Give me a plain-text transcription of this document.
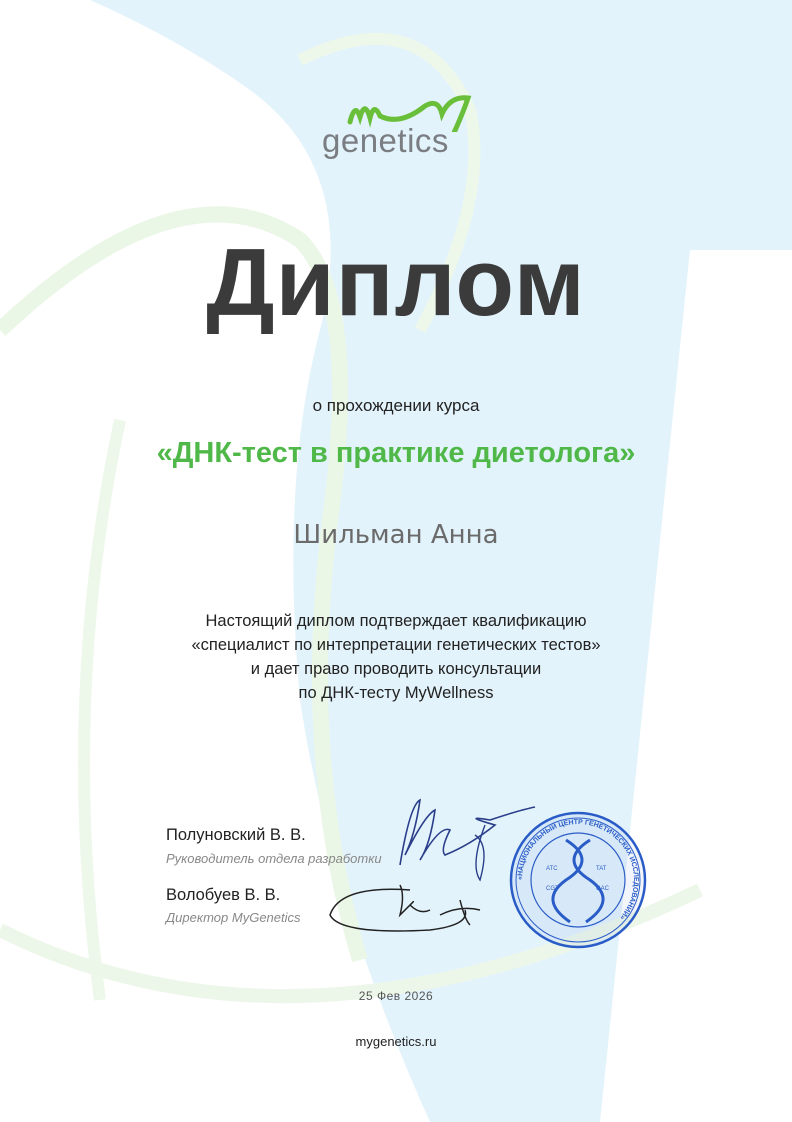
genetics
Диплом
о прохождении курса
«ДНК-тест в практике диетолога»
Шильман Анна
Настоящий диплом подтверждает квалификацию
«специалист по интерпретации генетических тестов»
и дает право проводить консультации
по ДНК-тесту MyWellness
Полуновский В. В.
Руководитель отдела разработки
Волобуев В. В.
Директор MyGenetics
«НАЦИОНАЛЬНЫЙ ЦЕНТР ГЕНЕТИЧЕСКИХ ИССЛЕДОВАНИЙ»
ATC
CGT
TAT
GAC
25 Фев 2026
mygenetics.ru
